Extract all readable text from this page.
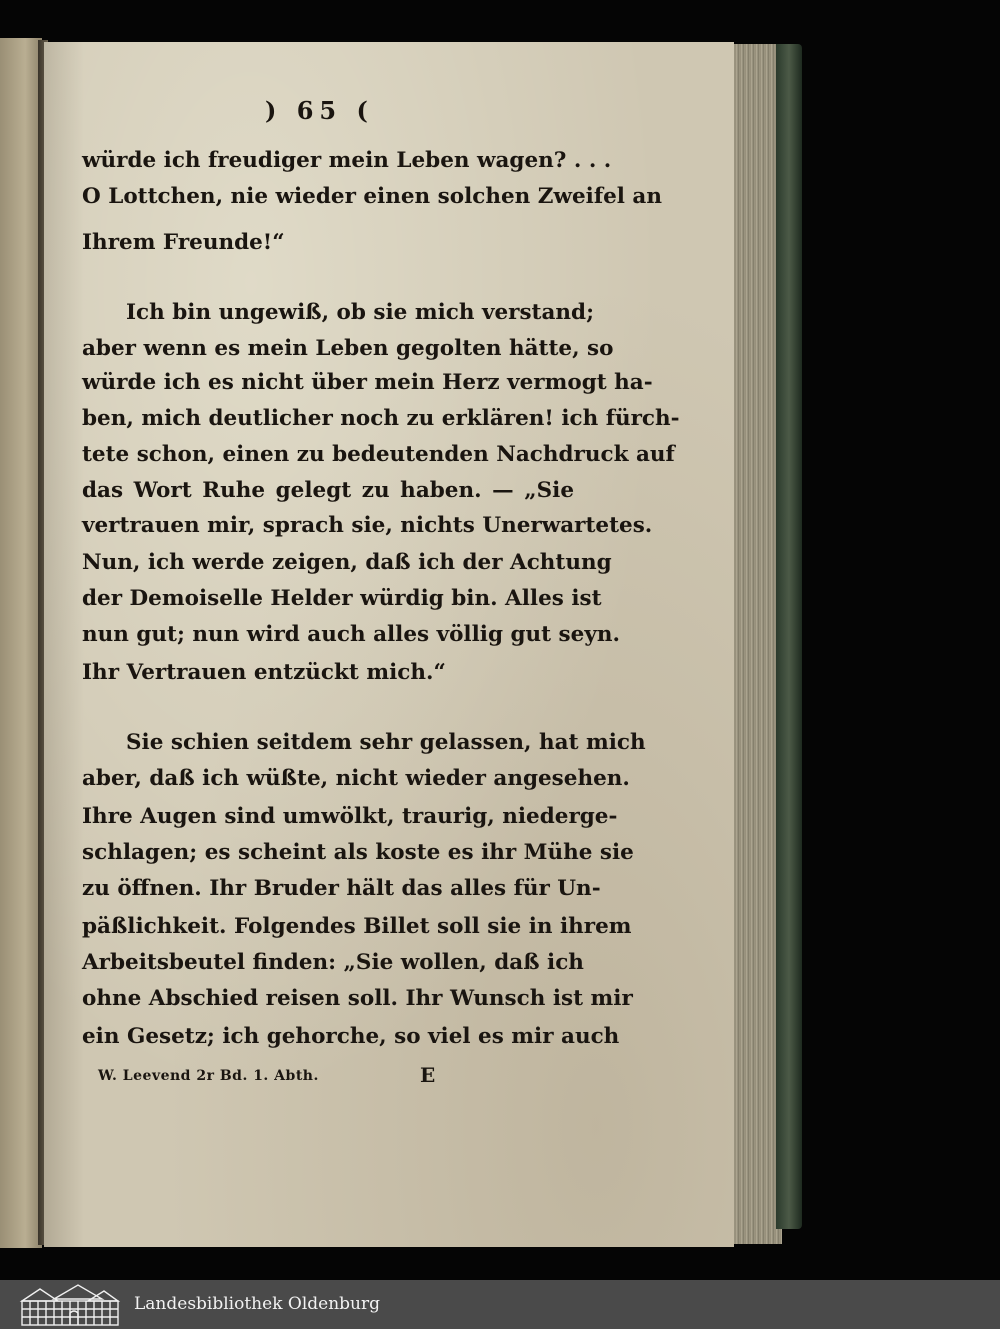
) 65 (
würde ich freudiger mein Leben wagen? . . .
O Lottchen, nie wieder einen solchen Zweifel an
Ihrem Freunde!“
Ich bin ungewiß, ob sie mich verstand;
aber wenn es mein Leben gegolten hätte, so
würde ich es nicht über mein Herz vermogt ha-
ben, mich deutlicher noch zu erklären! ich fürch-
tete schon, einen zu bedeutenden Nachdruck auf
das Wort Ruhe gelegt zu haben. — „Sie
vertrauen mir, sprach sie, nichts Unerwartetes.
Nun, ich werde zeigen, daß ich der Achtung
der Demoiselle Helder würdig bin. Alles ist
nun gut; nun wird auch alles völlig gut seyn.
Ihr Vertrauen entzückt mich.“
Sie schien seitdem sehr gelassen, hat mich
aber, daß ich wüßte, nicht wieder angesehen.
Ihre Augen sind umwölkt, traurig, niederge-
schlagen; es scheint als koste es ihr Mühe sie
zu öffnen. Ihr Bruder hält das alles für Un-
päßlichkeit. Folgendes Billet soll sie in ihrem
Arbeitsbeutel finden: „Sie wollen, daß ich
ohne Abschied reisen soll. Ihr Wunsch ist mir
ein Gesetz; ich gehorche, so viel es mir auch
W. Leevend 2r Bd. 1. Abth.	E
Landesbibliothek Oldenburg
